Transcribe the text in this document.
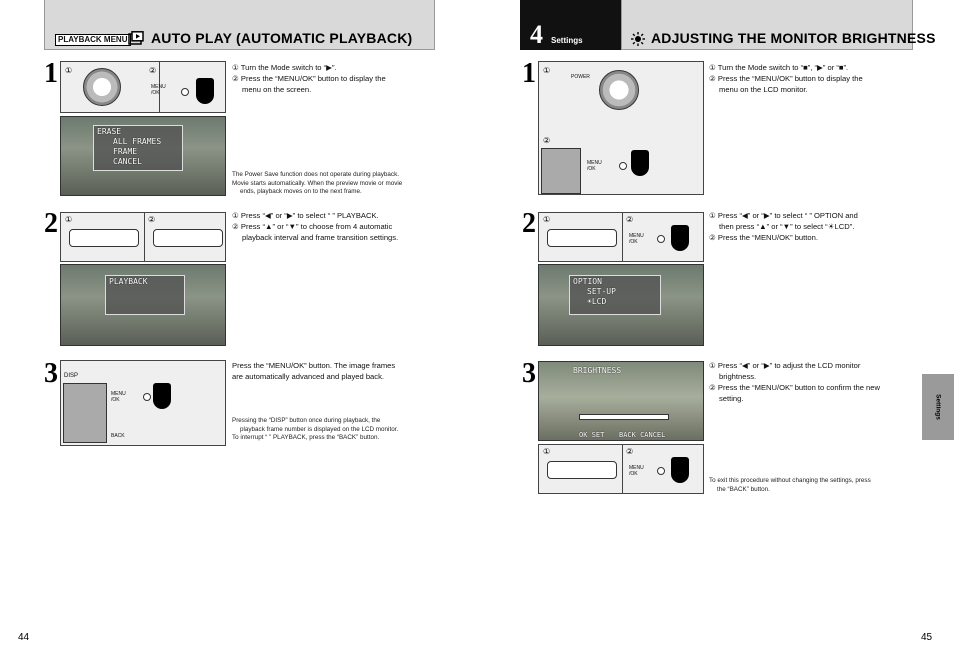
PLAYBACK MENU AUTO PLAY (AUTOMATIC PLAYBACK)
1 ①	②
MENU
/OK
ERASE
ALL FRAMES
FRAME
CANCEL
① Turn the Mode switch to “▶”.
② Press the “MENU/OK” button to display the
menu on the screen.
The Power Save function does not operate during playback.
Movie starts automatically. When the preview movie or movie
ends, playback moves on to the next frame.
2 ①	②
PLAYBACK
① Press “◀” or “▶” to select “ ” PLAYBACK.
② Press “▲” or “▼” to choose from 4 automatic
playback interval and frame transition settings.
3 DISP
MENU
/OK
BACK
Press the “MENU/OK” button. The image frames
are automatically advanced and played back.
Pressing the “DISP” button once during playback, the
playback frame number is displayed on the LCD monitor.
To interrupt “ ” PLAYBACK, press the “BACK” button.
44
4 Settings	ADJUSTING THE MONITOR BRIGHTNESS
1 ①
POWER
②
MENU
/OK
① Turn the Mode switch to “■”, “▶” or “■”.
② Press the “MENU/OK” button to display the
menu on the LCD monitor.
2 ①	②
MENU
/OK
OPTION
SET-UP
☀LCD
① Press “◀” or “▶” to select “ ” OPTION and
then press “▲” or “▼” to select “☀LCD”.
② Press the “MENU/OK” button.
3	BRIGHTNESS
OK SET BACK CANCEL
①	②
MENU
/OK
① Press “◀” or “▶” to adjust the LCD monitor
brightness.
② Press the “MENU/OK” button to confirm the new
setting.
To exit this procedure without changing the settings, press
the “BACK” button.
Settings
45
